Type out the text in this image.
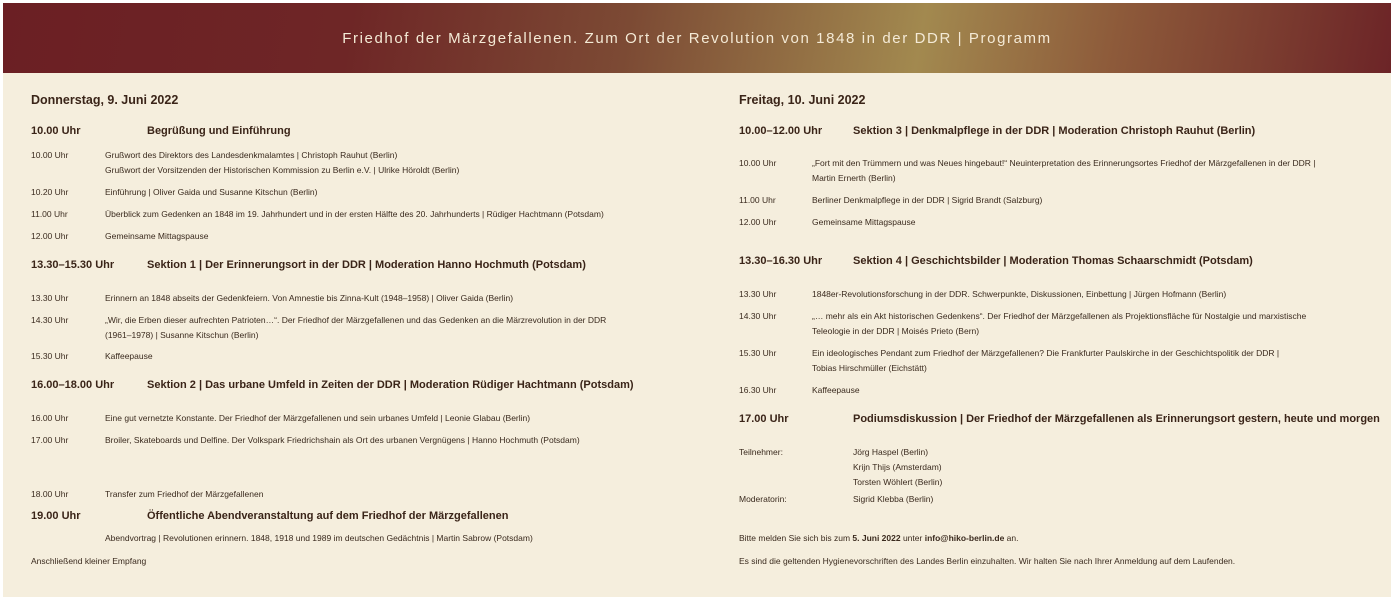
Friedhof der Märzgefallenen. Zum Ort der Revolution von 1848 in der DDR | Programm
Donnerstag, 9. Juni 2022
10.00 Uhr	Begrüßung und Einführung
10.00 Uhr	Grußwort des Direktors des Landesdenkmalamtes | Christoph Rauhut (Berlin)
Grußwort der Vorsitzenden der Historischen Kommission zu Berlin e.V. | Ulrike Höroldt (Berlin)
10.20 Uhr	Einführung | Oliver Gaida und Susanne Kitschun (Berlin)
11.00 Uhr	Überblick zum Gedenken an 1848 im 19. Jahrhundert und in der ersten Hälfte des 20. Jahrhunderts | Rüdiger Hachtmann (Potsdam)
12.00 Uhr	Gemeinsame Mittagspause
13.30–15.30 Uhr	Sektion 1 | Der Erinnerungsort in der DDR | Moderation Hanno Hochmuth (Potsdam)
13.30 Uhr	Erinnern an 1848 abseits der Gedenkfeiern. Von Amnestie bis Zinna-Kult (1948–1958) | Oliver Gaida (Berlin)
14.30 Uhr	„Wir, die Erben dieser aufrechten Patrioten…“. Der Friedhof der Märzgefallenen und das Gedenken an die Märzrevolution in der DDR
(1961–1978) | Susanne Kitschun (Berlin)
15.30 Uhr	Kaffeepause
16.00–18.00 Uhr	Sektion 2 | Das urbane Umfeld in Zeiten der DDR | Moderation Rüdiger Hachtmann (Potsdam)
16.00 Uhr	Eine gut vernetzte Konstante. Der Friedhof der Märzgefallenen und sein urbanes Umfeld | Leonie Glabau (Berlin)
17.00 Uhr	Broiler, Skateboards und Delfine. Der Volkspark Friedrichshain als Ort des urbanen Vergnügens | Hanno Hochmuth (Potsdam)
18.00 Uhr	Transfer zum Friedhof der Märzgefallenen
19.00 Uhr	Öffentliche Abendveranstaltung auf dem Friedhof der Märzgefallenen
Abendvortrag | Revolutionen erinnern. 1848, 1918 und 1989 im deutschen Gedächtnis | Martin Sabrow (Potsdam)
Anschließend kleiner Empfang
Freitag, 10. Juni 2022
10.00–12.00 Uhr	Sektion 3 | Denkmalpflege in der DDR | Moderation Christoph Rauhut (Berlin)
10.00 Uhr	„Fort mit den Trümmern und was Neues hingebaut!“ Neuinterpretation des Erinnerungsortes Friedhof der Märzgefallenen in der DDR |
Martin Ernerth (Berlin)
11.00 Uhr	Berliner Denkmalpflege in der DDR | Sigrid Brandt (Salzburg)
12.00 Uhr	Gemeinsame Mittagspause
13.30–16.30 Uhr	Sektion 4 | Geschichtsbilder | Moderation Thomas Schaarschmidt (Potsdam)
13.30 Uhr	1848er-Revolutionsforschung in der DDR. Schwerpunkte, Diskussionen, Einbettung | Jürgen Hofmann (Berlin)
14.30 Uhr	„… mehr als ein Akt historischen Gedenkens“. Der Friedhof der Märzgefallenen als Projektionsfläche für Nostalgie und marxistische
Teleologie in der DDR | Moisés Prieto (Bern)
15.30 Uhr	Ein ideologisches Pendant zum Friedhof der Märzgefallenen? Die Frankfurter Paulskirche in der Geschichtspolitik der DDR |
Tobias Hirschmüller (Eichstätt)
16.30 Uhr	Kaffeepause
17.00 Uhr	Podiumsdiskussion | Der Friedhof der Märzgefallenen als Erinnerungsort gestern, heute und morgen
Teilnehmer:	Jörg Haspel (Berlin)
Krijn Thijs (Amsterdam)
Torsten Wöhlert (Berlin)
Moderatorin:	Sigrid Klebba (Berlin)
Bitte melden Sie sich bis zum 5. Juni 2022 unter info@hiko-berlin.de an.
Es sind die geltenden Hygienevorschriften des Landes Berlin einzuhalten. Wir halten Sie nach Ihrer Anmeldung auf dem Laufenden.
